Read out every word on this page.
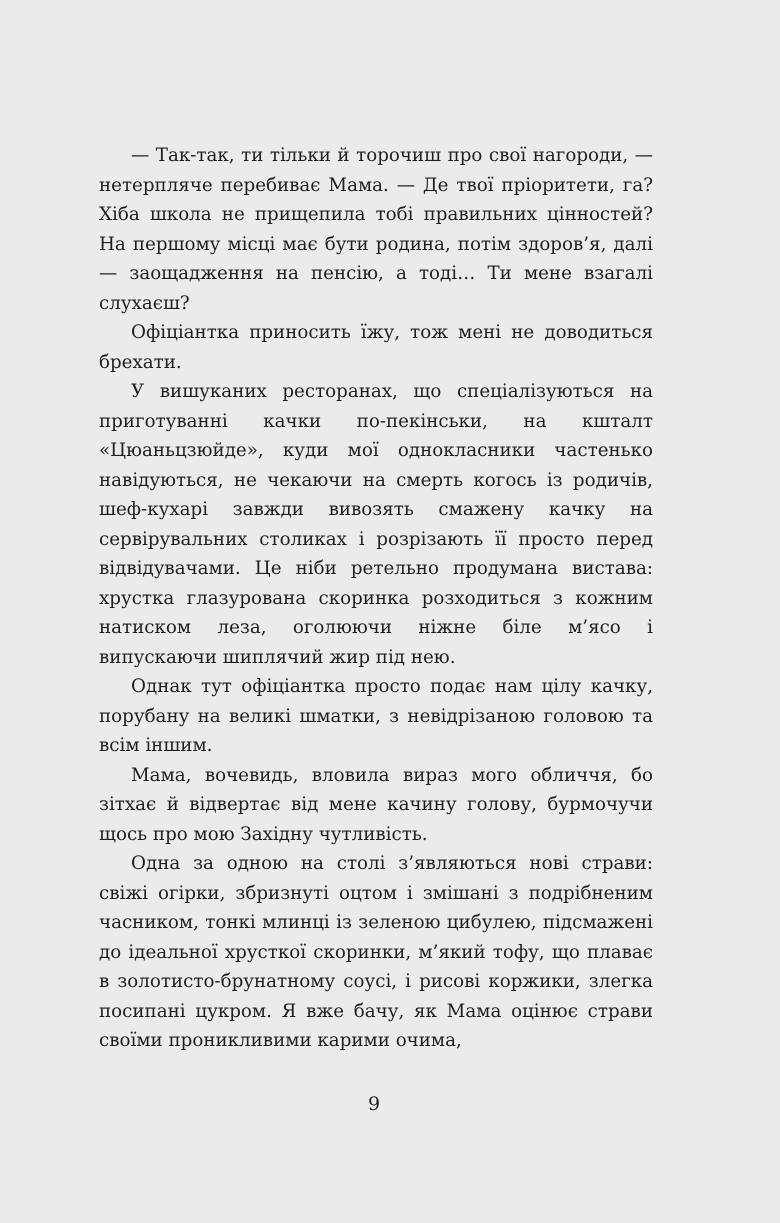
— Так-так, ти тільки й торочиш про свої нагороди, — нетерпляче перебиває Мама. — Де твої пріоритети, га? Хіба школа не прищепила тобі правильних цінностей? На першому місці має бути родина, потім здоров’я, далі — заощадження на пенсію, а тоді… Ти мене взагалі слухаєш?

Офіціантка приносить їжу, тож мені не доводиться брехати.

У вишуканих ресторанах, що спеціалізуються на приготуванні качки по-пекінськи, на кшталт «Цюаньцзюйде», куди мої однокласники частенько навідуються, не чекаючи на смерть когось із родичів, шеф-кухарі завжди вивозять смажену качку на сервірувальних столиках і розрізають її просто перед відвідувачами. Це ніби ретельно продумана вистава: хрустка глазурована скоринка розходиться з кожним натиском леза, оголюючи ніжне біле м’ясо і випускаючи шиплячий жир під нею.

Однак тут офіціантка просто подає нам цілу качку, порубану на великі шматки, з невідрізаною головою та всім іншим.

Мама, вочевидь, вловила вираз мого обличчя, бо зітхає й відвертає від мене качину голову, бурмочучи щось про мою Західну чутливість.

Одна за одною на столі з’являються нові страви: свіжі огірки, збризнуті оцтом і змішані з подрібненим часником, тонкі млинці із зеленою цибулею, підсмажені до ідеальної хрусткої скоринки, м’який тофу, що плаває в золотисто-брунатному соусі, і рисові коржики, злегка посипані цукром. Я вже бачу, як Мама оцінює страви своїми проникливими карими очима,

9
